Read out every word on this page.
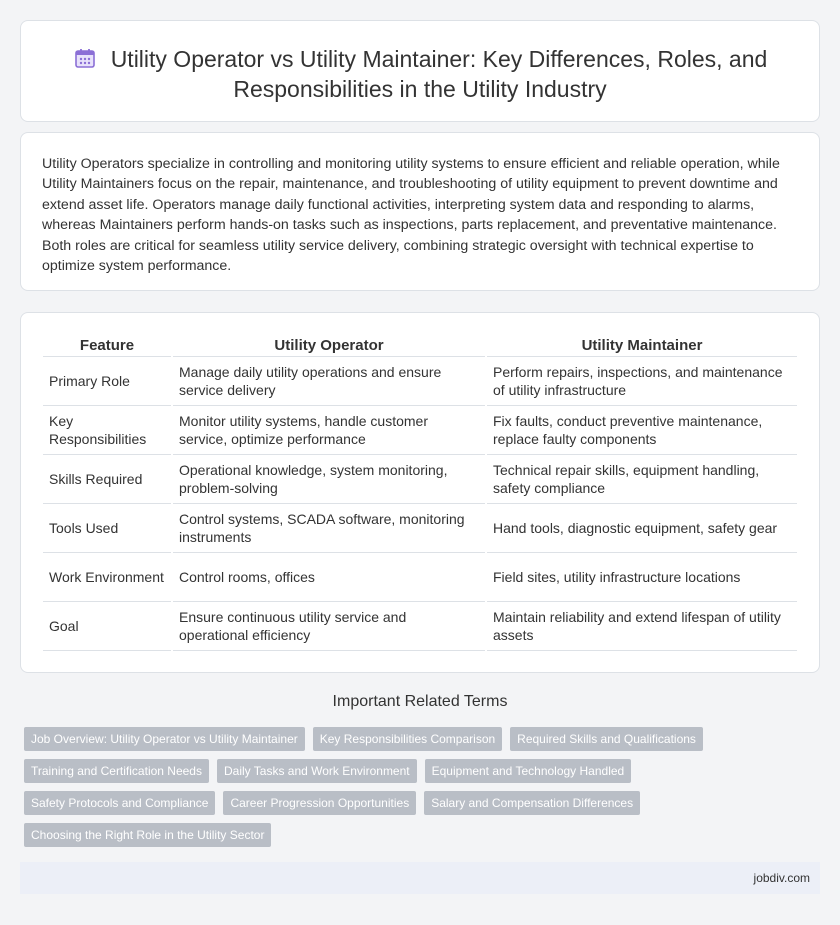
Utility Operator vs Utility Maintainer: Key Differences, Roles, and Responsibilities in the Utility Industry

Utility Operators specialize in controlling and monitoring utility systems to ensure efficient and reliable operation, while Utility Maintainers focus on the repair, maintenance, and troubleshooting of utility equipment to prevent downtime and extend asset life. Operators manage daily functional activities, interpreting system data and responding to alarms, whereas Maintainers perform hands-on tasks such as inspections, parts replacement, and preventative maintenance. Both roles are critical for seamless utility service delivery, combining strategic oversight with technical expertise to optimize system performance.

Feature	Utility Operator	Utility Maintainer
Primary Role	Manage daily utility operations and ensure service delivery	Perform repairs, inspections, and maintenance of utility infrastructure
Key Responsibilities	Monitor utility systems, handle customer service, optimize performance	Fix faults, conduct preventive maintenance, replace faulty components
Skills Required	Operational knowledge, system monitoring, problem-solving	Technical repair skills, equipment handling, safety compliance
Tools Used	Control systems, SCADA software, monitoring instruments	Hand tools, diagnostic equipment, safety gear
Work Environment	Control rooms, offices	Field sites, utility infrastructure locations
Goal	Ensure continuous utility service and operational efficiency	Maintain reliability and extend lifespan of utility assets
Important Related Terms
Job Overview: Utility Operator vs Utility Maintainer	Key Responsibilities Comparison	Required Skills and Qualifications
Training and Certification Needs	Daily Tasks and Work Environment	Equipment and Technology Handled
Safety Protocols and Compliance	Career Progression Opportunities	Salary and Compensation Differences
Choosing the Right Role in the Utility Sector
jobdiv.com
